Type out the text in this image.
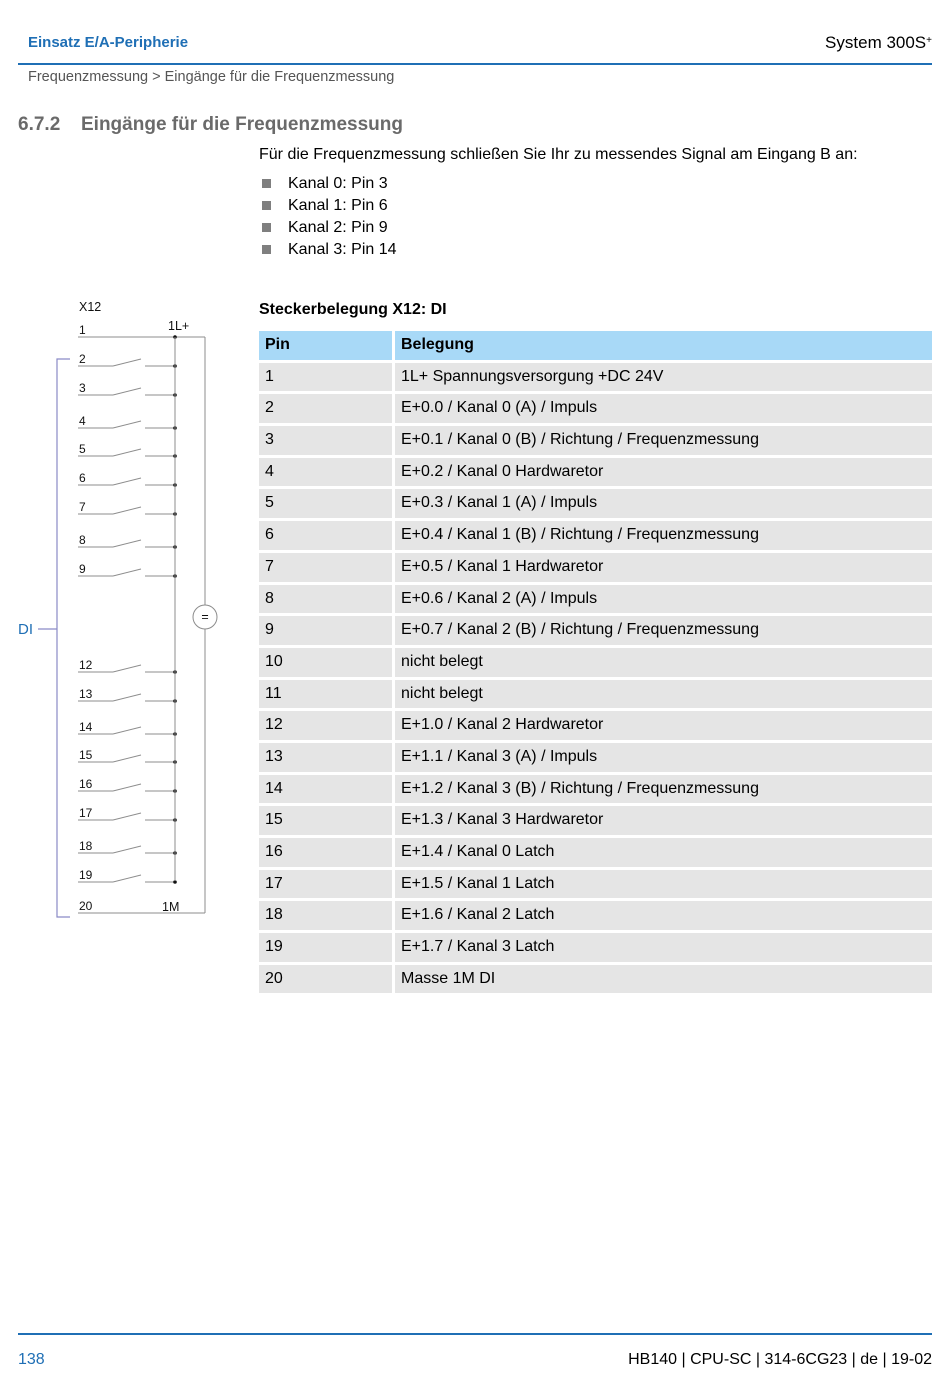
Einsatz E/A-Peripherie	System 300S+
Frequenzmessung > Eingänge für die Frequenzmessung
6.7.2 Eingänge für die Frequenzmessung
Für die Frequenzmessung schließen Sie Ihr zu messendes Signal am Eingang B an:
Kanal 0: Pin 3
Kanal 1: Pin 6
Kanal 2: Pin 9
Kanal 3: Pin 14
1
2
3
4
5
6
7
8
9
12
13
14
15
16
17
18
19
20
X12
1L+
1M
=
DI
Steckerbelegung X12: DI
Pin	Belegung
1	1L+ Spannungsversorgung +DC 24V
2	E+0.0 / Kanal 0 (A) / Impuls
3	E+0.1 / Kanal 0 (B) / Richtung / Frequenzmessung
4	E+0.2 / Kanal 0 Hardwaretor
5	E+0.3 / Kanal 1 (A) / Impuls
6	E+0.4 / Kanal 1 (B) / Richtung / Frequenzmessung
7	E+0.5 / Kanal 1 Hardwaretor
8	E+0.6 / Kanal 2 (A) / Impuls
9	E+0.7 / Kanal 2 (B) / Richtung / Frequenzmessung
10	nicht belegt
11	nicht belegt
12	E+1.0 / Kanal 2 Hardwaretor
13	E+1.1 / Kanal 3 (A) / Impuls
14	E+1.2 / Kanal 3 (B) / Richtung / Frequenzmessung
15	E+1.3 / Kanal 3 Hardwaretor
16	E+1.4 / Kanal 0 Latch
17	E+1.5 / Kanal 1 Latch
18	E+1.6 / Kanal 2 Latch
19	E+1.7 / Kanal 3 Latch
20	Masse 1M DI
138	HB140 | CPU-SC | 314-6CG23 | de | 19-02
